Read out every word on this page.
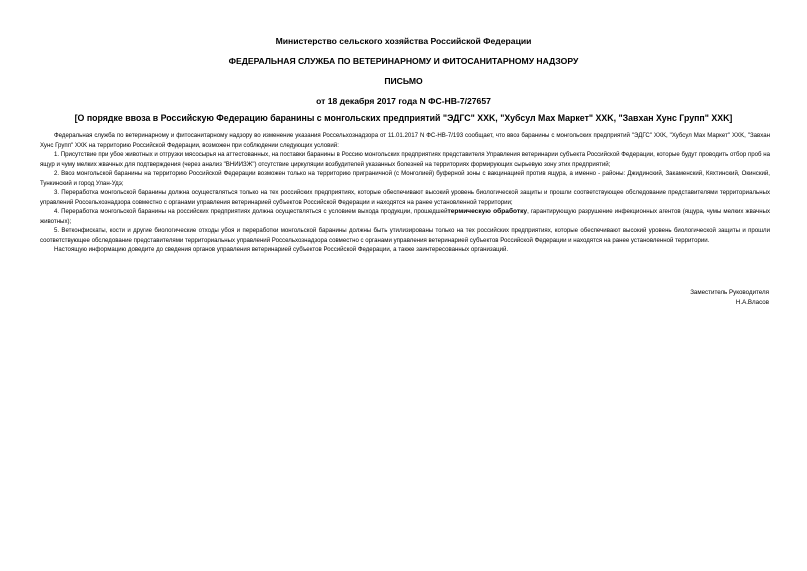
Министерство сельского хозяйства Российской Федерации
ФЕДЕРАЛЬНАЯ СЛУЖБА ПО ВЕТЕРИНАРНОМУ И ФИТОСАНИТАРНОМУ НАДЗОРУ
ПИСЬМО
от 18 декабря 2017 года N ФС-НВ-7/27657
[О порядке ввоза в Российскую Федерацию баранины с монгольских предприятий "ЭДГС" XXK, "Хубсул Мах Маркет" XXK, "Завхан Хунс Групп" XXK]

Федеральная служба по ветеринарному и фитосанитарному надзору во изменение указания Россельхознадзора от 11.01.2017 N ФС-НВ-7/193 сообщает, что ввоз баранины с монгольских предприятий "ЭДГС" XXK, "Хубсул Мах Маркет" XXK, "Завхан Хунс Групп" XXK на территорию Российской Федерации, возможен при соблюдении следующих условий:

1. Присутствие при убое животных и отгрузки мясосырья на аттестованных, на поставки баранины в Россию монгольских предприятиях представителя Управления ветеринарии субъекта Российской Федерации, которые будут проводить отбор проб на ящур и чуму мелких жвачных для подтверждения (через анализ "ВНИИЗЖ") отсутствие циркуляции возбудителей указанных болезней на территориях формирующих сырьевую зону этих предприятий;

2. Ввоз монгольской баранины на территорию Российской Федерации возможен только на территорию приграничной (с Монголией) буферной зоны с вакцинацией против ящура, а именно - районы: Джидинский, Закаменский, Кяхтинский, Окинский, Тункинский и город Улан-Удэ;

3. Переработка монгольской баранины должна осуществляться только на тех российских предприятиях, которые обеспечивают высокий уровень биологической защиты и прошли соответствующее обследование представителями территориальных управлений Россельхознадзора совместно с органами управления ветеринарией субъектов Российской Федерации и находятся на ранее установленной территории;

4. Переработка монгольской баранины на российских предприятиях должна осуществляться с условием выхода продукции, прошедшейтермическую обработку, гарантирующую разрушение инфекционных агентов (ящура, чумы мелких жвачных животных);

5. Ветконфискаты, кости и другие биологические отходы убоя и переработки монгольской баранины должны быть утилизированы только на тех российских предприятиях, которые обеспечивают высокий уровень биологической защиты и прошли соответствующее обследование представителями территориальных управлений Россельхознадзора совместно с органами управления ветеринарией субъектов Российской Федерации и находятся на ранее установленной территории.

Настоящую информацию доведите до сведения органов управления ветеринарией субъектов Российской Федерации, а также заинтересованных организаций.

Заместитель Руководителя
Н.А.Власов
